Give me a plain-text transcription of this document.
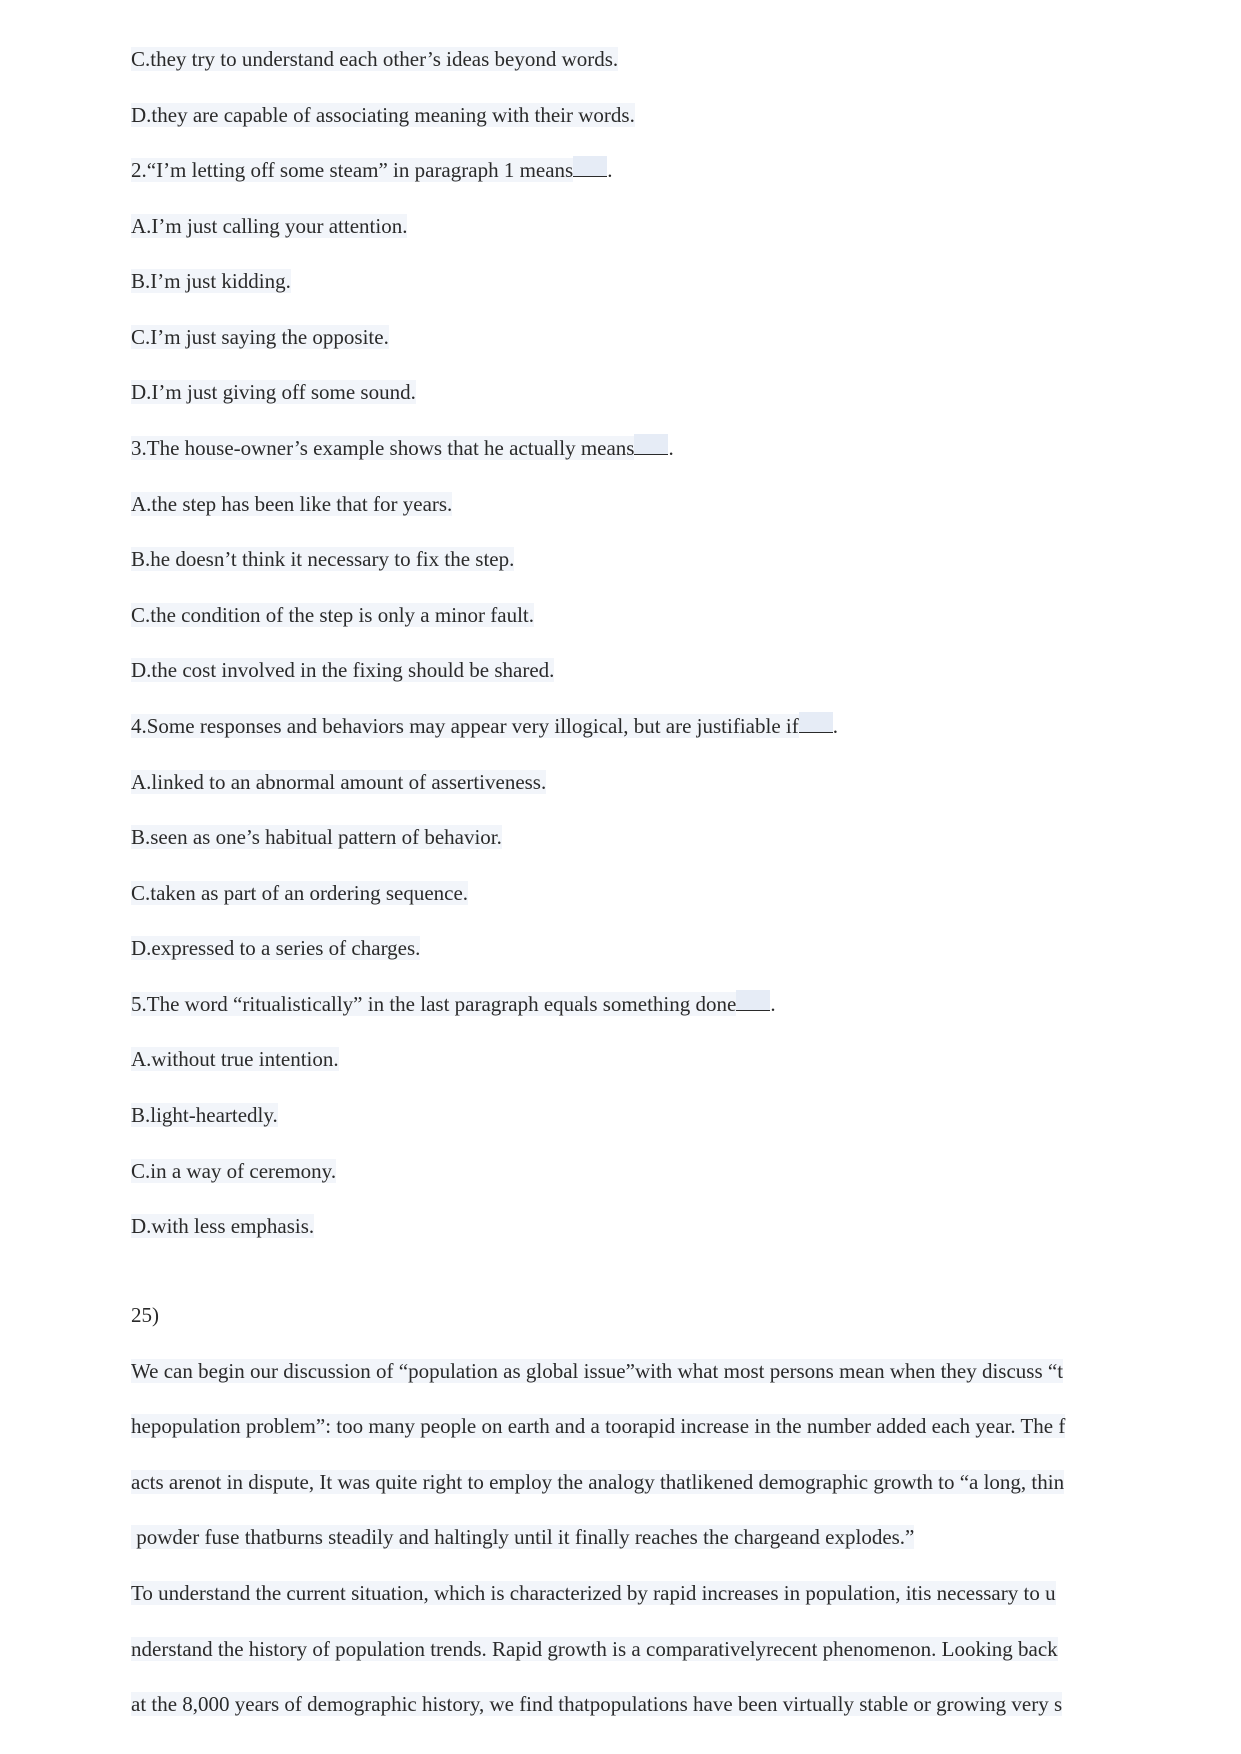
C.they try to understand each other’s ideas beyond words.
D.they are capable of associating meaning with their words.
2.“I’m letting off some steam” in paragraph 1 means .
A.I’m just calling your attention.
B.I’m just kidding.
C.I’m just saying the opposite.
D.I’m just giving off some sound.
3.The house-owner’s example shows that he actually means .
A.the step has been like that for years.
B.he doesn’t think it necessary to fix the step.
C.the condition of the step is only a minor fault.
D.the cost involved in the fixing should be shared.
4.Some responses and behaviors may appear very illogical, but are justifiable if .
A.linked to an abnormal amount of assertiveness.
B.seen as one’s habitual pattern of behavior.
C.taken as part of an ordering sequence.
D.expressed to a series of charges.
5.The word “ritualistically” in the last paragraph equals something done .
A.without true intention.
B.light-heartedly.
C.in a way of ceremony.
D.with less emphasis.
25)
We can begin our discussion of “population as global issue”with what most persons mean when they discuss “t
hepopulation problem”: too many people on earth and a toorapid increase in the number added each year. The f
acts arenot in dispute, It was quite right to employ the analogy thatlikened demographic growth to “a long, thin
powder fuse thatburns steadily and haltingly until it finally reaches the chargeand explodes.”
To understand the current situation, which is characterized by rapid increases in population, itis necessary to u
nderstand the history of population trends. Rapid growth is a comparativelyrecent phenomenon. Looking back
at the 8,000 years of demographic history, we find thatpopulations have been virtually stable or growing very s
